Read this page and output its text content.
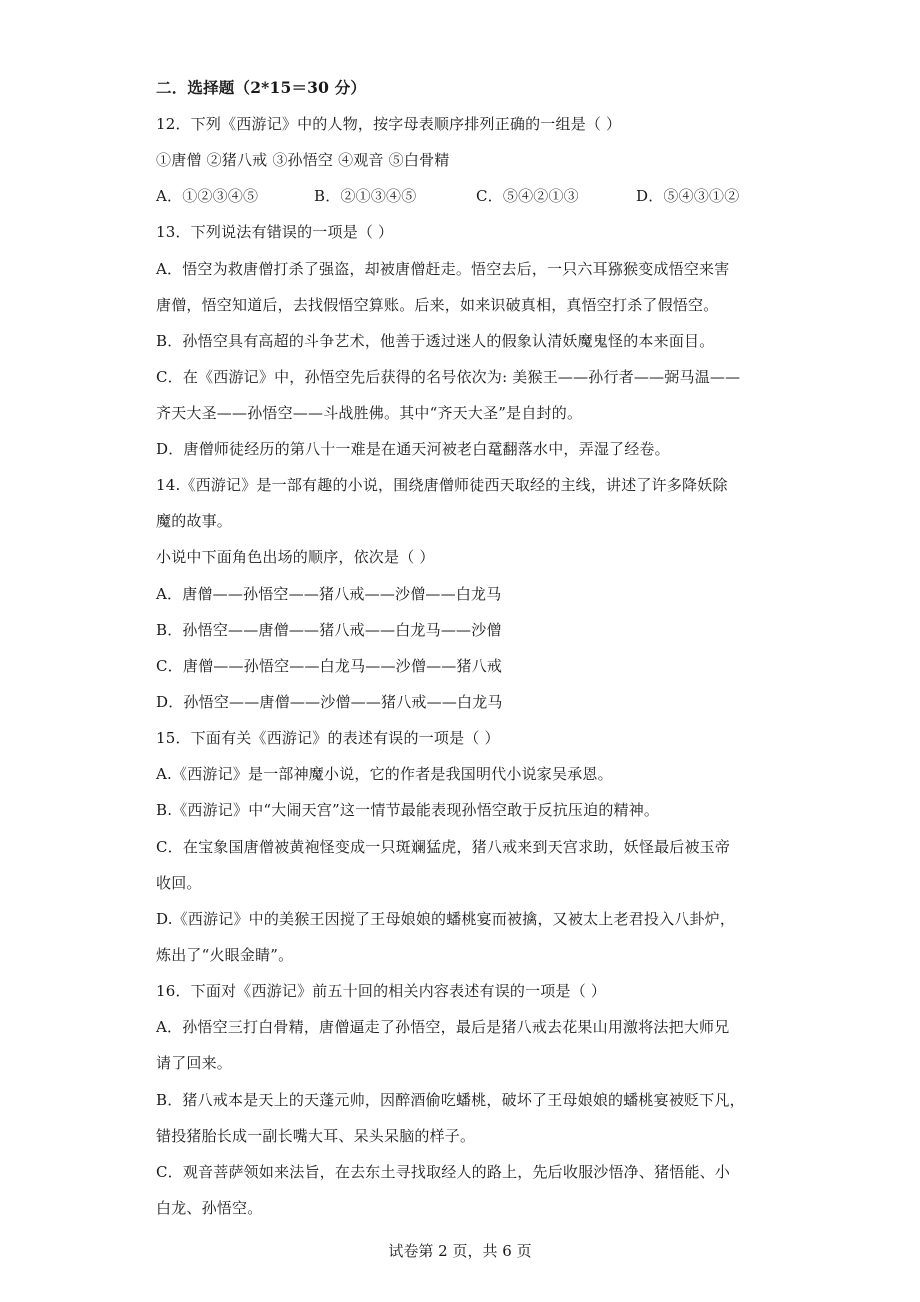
二．选择题（2*15＝30 分）
12．下列《西游记》中的人物，按字母表顺序排列正确的一组是（ ）
①唐僧 ②猪八戒 ③孙悟空 ④观音 ⑤白骨精
A．①②③④⑤	B．②①③④⑤	C．⑤④②①③	D．⑤④③①②
13．下列说法有错误的一项是（ ）
A．悟空为救唐僧打杀了强盗，却被唐僧赶走。悟空去后，一只六耳猕猴变成悟空来害
唐僧，悟空知道后，去找假悟空算账。后来，如来识破真相，真悟空打杀了假悟空。
B．孙悟空具有高超的斗争艺术，他善于透过迷人的假象认清妖魔鬼怪的本来面目。
C．在《西游记》中，孙悟空先后获得的名号依次为: 美猴王——孙行者——弼马温——
齐天大圣——孙悟空——斗战胜佛。其中“齐天大圣”是自封的。
D．唐僧师徒经历的第八十一难是在通天河被老白鼋翻落水中，弄湿了经卷。
14.《西游记》是一部有趣的小说，围绕唐僧师徒西天取经的主线，讲述了许多降妖除
魔的故事。
小说中下面角色出场的顺序，依次是（ ）
A．唐僧——孙悟空——猪八戒——沙僧——白龙马
B．孙悟空——唐僧——猪八戒——白龙马——沙僧
C．唐僧——孙悟空——白龙马——沙僧——猪八戒
D．孙悟空——唐僧——沙僧——猪八戒——白龙马
15．下面有关《西游记》的表述有误的一项是（ ）
A.《西游记》是一部神魔小说，它的作者是我国明代小说家吴承恩。
B.《西游记》中“大闹天宫”这一情节最能表现孙悟空敢于反抗压迫的精神。
C．在宝象国唐僧被黄袍怪变成一只斑斓猛虎，猪八戒来到天宫求助，妖怪最后被玉帝
收回。
D.《西游记》中的美猴王因搅了王母娘娘的蟠桃宴而被擒，又被太上老君投入八卦炉，
炼出了“火眼金睛”。
16．下面对《西游记》前五十回的相关内容表述有误的一项是（ ）
A．孙悟空三打白骨精，唐僧逼走了孙悟空，最后是猪八戒去花果山用激将法把大师兄
请了回来。
B．猪八戒本是天上的天蓬元帅，因醉酒偷吃蟠桃，破坏了王母娘娘的蟠桃宴被贬下凡，
错投猪胎长成一副长嘴大耳、呆头呆脑的样子。
C．观音菩萨领如来法旨，在去东土寻找取经人的路上，先后收服沙悟净、猪悟能、小
白龙、孙悟空。
试卷第 2 页，共 6 页
